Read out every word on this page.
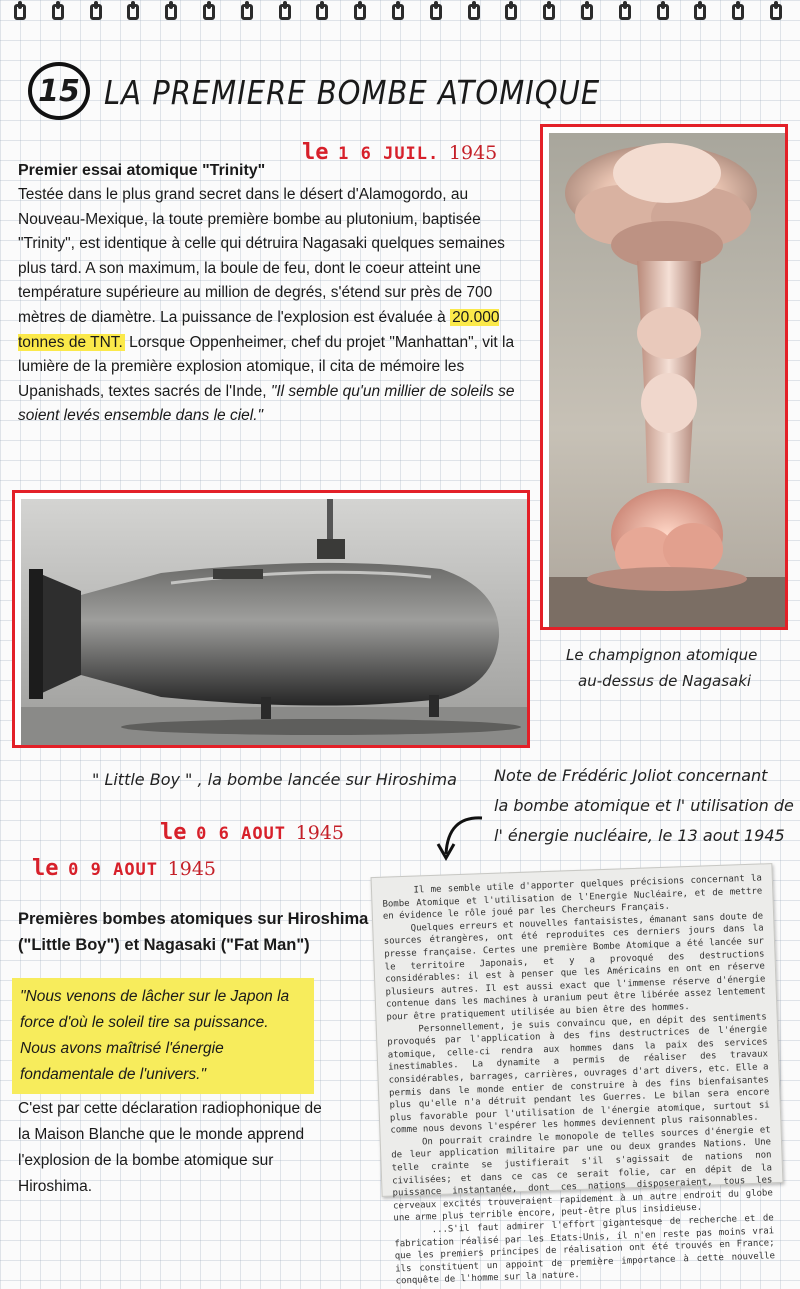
15 LA PREMIERE BOMBE ATOMIQUE
le 1 6 JUIL. 1945
Premier essai atomique "Trinity"
Testée dans le plus grand secret dans le désert d'Alamogordo, au Nouveau-Mexique, la toute première bombe au plutonium, baptisée "Trinity", est identique à celle qui détruira Nagasaki quelques semaines plus tard. A son maximum, la boule de feu, dont le coeur atteint une température supérieure au million de degrés, s'étend sur près de 700 mètres de diamètre. La puissance de l'explosion est évaluée à 20.000 tonnes de TNT. Lorsque Oppenheimer, chef du projet "Manhattan", vit la lumière de la première explosion atomique, il cita de mémoire les Upanishads, textes sacrés de l'Inde, "Il semble qu'un millier de soleils se soient levés ensemble dans le ciel."
Le champignon atomique
au-dessus de Nagasaki
" Little Boy " , la bombe lancée sur Hiroshima Note de Frédéric Joliot concernant
la bombe atomique et l' utilisation de
l' énergie nucléaire, le 13 aout 1945
le 0 6 AOUT 1945
le 0 9 AOUT 1945
Premières bombes atomiques sur Hiroshima
("Little Boy") et Nagasaki ("Fat Man")
"Nous venons de lâcher sur le Japon la force d'où le soleil tire sa puissance. Nous avons maîtrisé l'énergie fondamentale de l'univers."
C'est par cette déclaration radiophonique de la Maison Blanche que le monde apprend l'explosion de la bombe atomique sur Hiroshima.
Il me semble utile d'apporter quelques précisions concernant la Bombe Atomique et l'utilisation de l'Energie Nucléaire, et de mettre en évidence le rôle joué par les Chercheurs Français.
Quelques erreurs et nouvelles fantaisistes, émanant sans doute de sources étrangères, ont été reproduites ces derniers jours dans la presse française. Certes une première Bombe Atomique a été lancée sur le territoire Japonais, et y a provoqué des destructions considérables: il est à penser que les Américains en ont en réserve plusieurs autres. Il est aussi exact que l'immense réserve d'énergie contenue dans les machines à uranium peut être libérée assez lentement pour être pratiquement utilisée au bien être des hommes.
Personnellement, je suis convaincu que, en dépit des sentiments provoqués par l'application à des fins destructrices de l'énergie atomique, celle-ci rendra aux hommes dans la paix des services inestimables. La dynamite a permis de réaliser des travaux considérables, barrages, carrières, ouvrages d'art divers, etc. Elle a permis dans le monde entier de construire à des fins bienfaisantes plus qu'elle n'a détruit pendant les Guerres. Le bilan sera encore plus favorable pour l'utilisation de l'énergie atomique, surtout si comme nous devons l'espérer les hommes deviennent plus raisonnables.
On pourrait craindre le monopole de telles sources d'énergie et de leur application militaire par une ou deux grandes Nations. Une telle crainte se justifierait s'il s'agissait de nations non civilisées; et dans ce cas ce serait folie, car en dépit de la puissance instantanée, dont ces nations disposeraient, tous les cerveaux excités trouveraient rapidement à un autre endroit du globe une arme plus terrible encore, peut-être plus insidieuse.
...S'il faut admirer l'effort gigantesque de recherche et de fabrication réalisé par les Etats-Unis, il n'en reste pas moins vrai que les premiers principes de réalisation ont été trouvés en France; ils constituent un appoint de première importance à cette nouvelle conquête de l'homme sur la nature.
